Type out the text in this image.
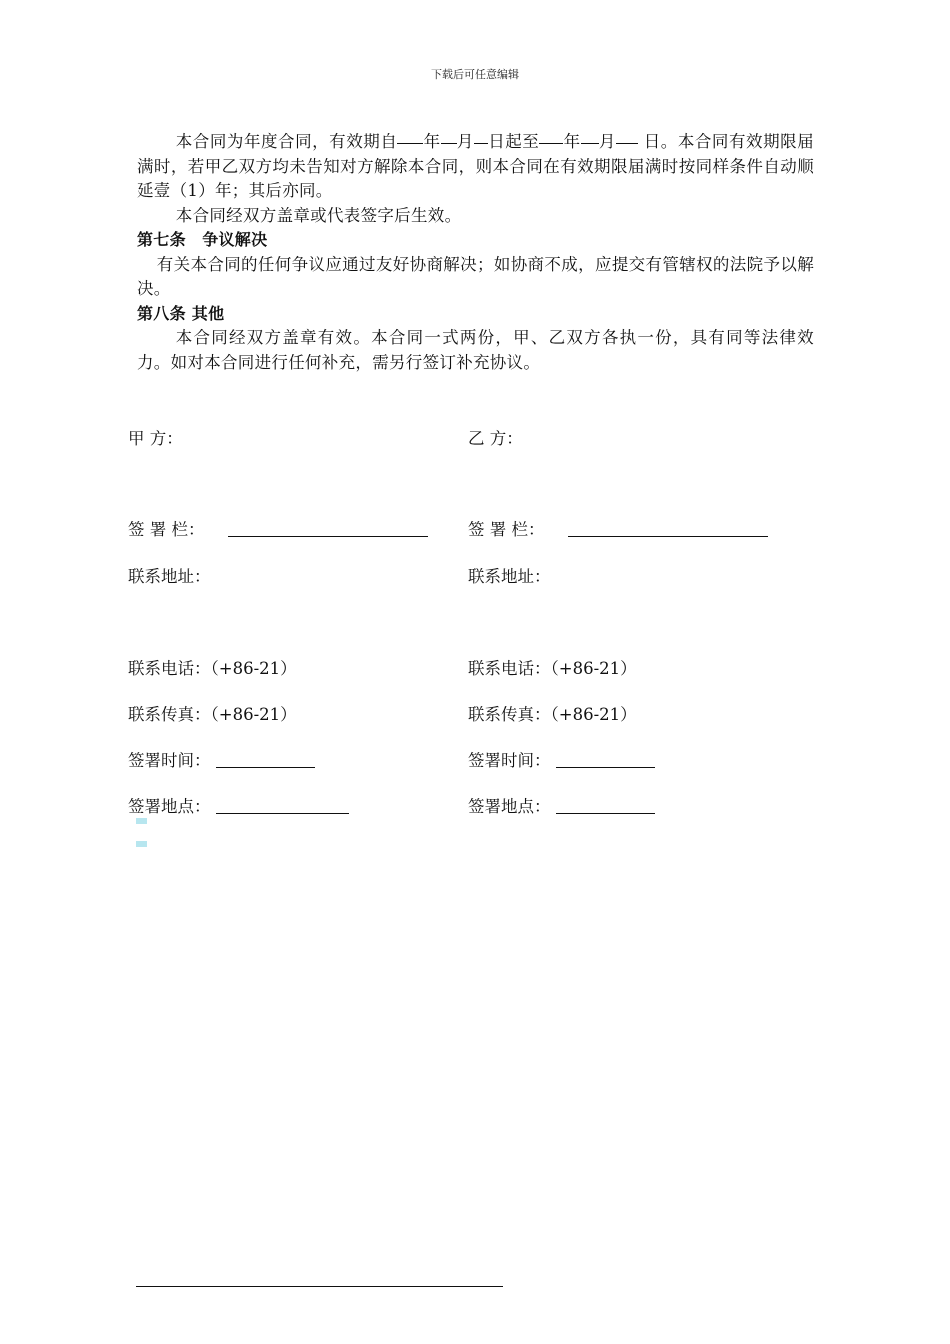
下载后可任意编辑

本合同为年度合同，有效期自 年 月 日起至 年 月 日。本合同有效期限届满时，若甲乙双方均未告知对方解除本合同，则本合同在有效期限届满时按同样条件自动顺延壹（1）年；其后亦同。

本合同经双方盖章或代表签字后生效。

第七条　争议解决

有关本合同的任何争议应通过友好协商解决；如协商不成，应提交有管辖权的法院予以解决。

第八条 其他

本合同经双方盖章有效。本合同一式两份，甲、乙双方各执一份，具有同等法律效力。如对本合同进行任何补充，需另行签订补充协议。

甲 方：
签 署 栏：
联系地址：
联系电话：（+86-21）
联系传真：（+86-21）
签署时间：
签署地点：
乙 方：
签 署 栏：
联系地址：
联系电话：（+86-21）
联系传真：（+86-21）
签署时间：
签署地点：
